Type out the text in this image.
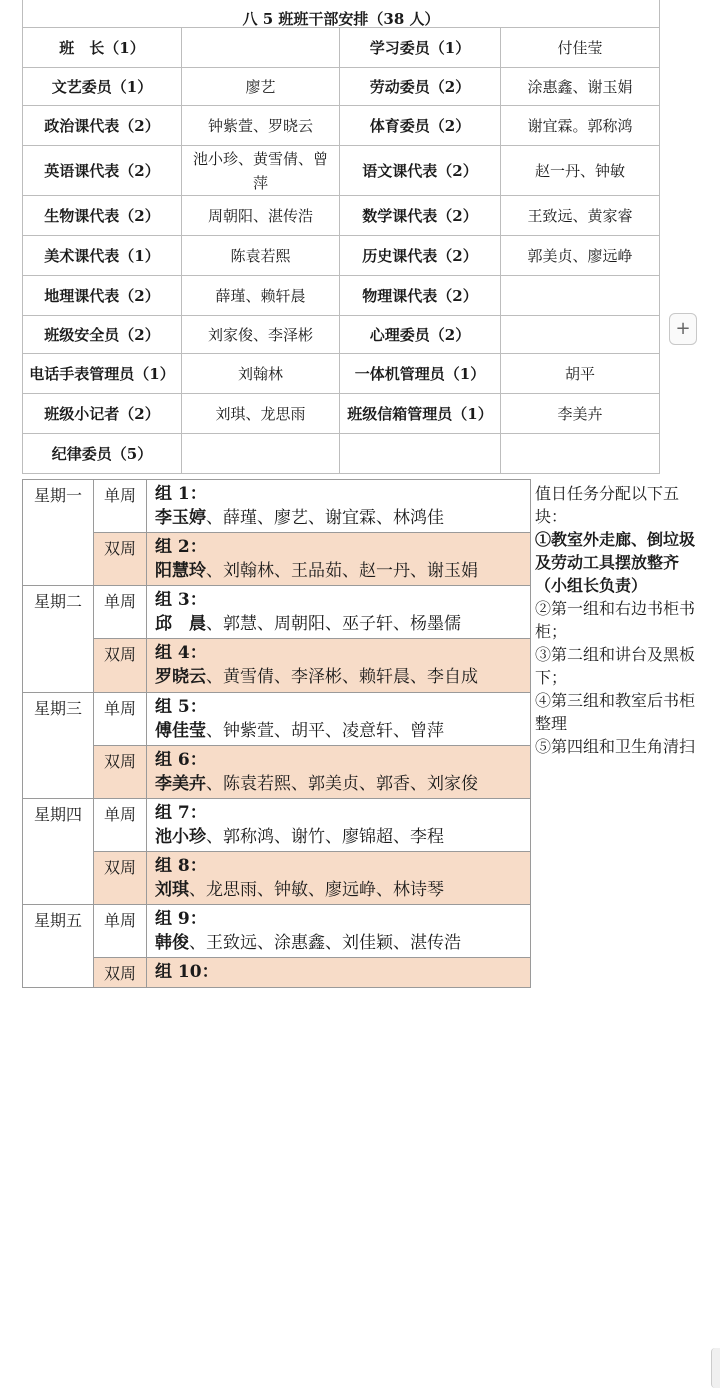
八 5 班班干部安排（38 人）			
班　长（1）		学习委员（1）	付佳莹
文艺委员（1）	廖艺	劳动委员（2）	涂惠鑫、谢玉娟
政治课代表（2）	钟紫萱、罗晓云	体育委员（2）	谢宜霖。郭称鸿
英语课代表（2）	池小珍、黄雪倩、曾萍	语文课代表（2）	赵一丹、钟敏
生物课代表（2）	周朝阳、湛传浩	数学课代表（2）	王致远、黄家睿
美术课代表（1）	陈袁若熙	历史课代表（2）	郭美贞、廖远峥
地理课代表（2）	薛瑾、赖轩晨	物理课代表（2）	
班级安全员（2）	刘家俊、李泽彬	心理委员（2）	
电话手表管理员（1）	刘翰林	一体机管理员（1）	胡平
班级小记者（2）	刘琪、龙思雨	班级信箱管理员（1）	李美卉
纪律委员（5）			
+
星期一	单周	组 1：
李玉婷、薛瑾、廖艺、谢宜霖、林鸿佳

	双周	组 2：
阳慧玲、刘翰林、王品茹、赵一丹、谢玉娟

星期二	单周	组 3：
邱　晨、郭慧、周朝阳、巫子轩、杨墨儒

	双周	组 4：
罗晓云、黄雪倩、李泽彬、赖轩晨、李自成

星期三	单周	组 5：
傅佳莹、钟紫萱、胡平、凌意轩、曾萍

	双周	组 6：
李美卉、陈袁若熙、郭美贞、郭香、刘家俊

星期四	单周	组 7：
池小珍、郭称鸿、谢竹、廖锦超、李程

	双周	组 8：
刘琪、龙思雨、钟敏、廖远峥、林诗琴

星期五	单周	组 9：
韩俊、王致远、涂惠鑫、刘佳颖、湛传浩

	双周	组 10：

值日任务分配以下五块：

①教室外走廊、倒垃圾及劳动工具摆放整齐（小组长负责）

②第一组和右边书柜书柜；

③第二组和讲台及黑板下；

④第三组和教室后书柜整理

⑤第四组和卫生角清扫
